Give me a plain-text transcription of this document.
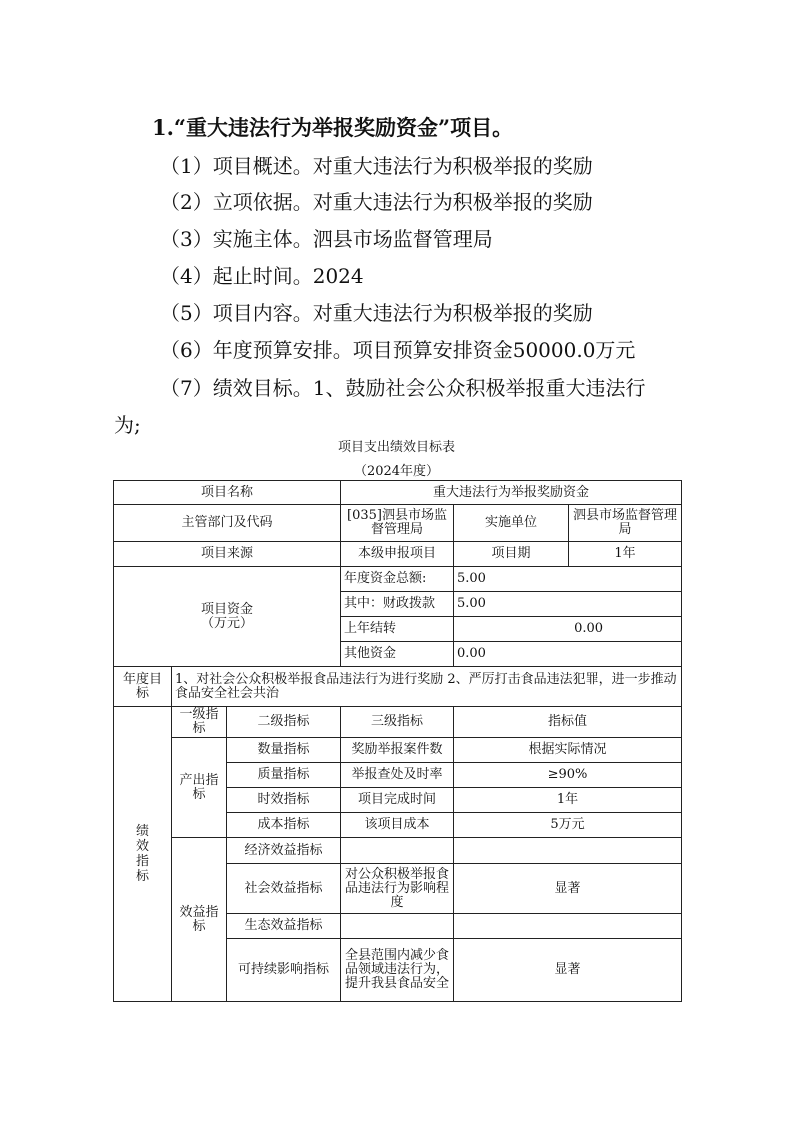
1.“重大违法行为举报奖励资金”项目。
（1）项目概述。对重大违法行为积极举报的奖励
（2）立项依据。对重大违法行为积极举报的奖励
（3）实施主体。泗县市场监督管理局
（4）起止时间。2024
（5）项目内容。对重大违法行为积极举报的奖励
（6）年度预算安排。项目预算安排资金50000.0万元
（7）绩效目标。1、鼓励社会公众积极举报重大违法行
为;
项目支出绩效目标表
（2024年度）
项目名称			重大违法行为举报奖励资金		
主管部门及代码			[035]泗县市场监督管理局	实施单位	泗县市场监督管理局
项目来源			本级申报项目	项目期	1年

项目资金
（万元）			年度资金总额:	5.00	
			其中：财政拨款	5.00	
			上年结转	0.00	
			其他资金	0.00	
年度目标	1、对社会公众积极举报食品违法行为进行奖励 2、严厉打击食品违法犯罪，进一步推动食品安全社会共治				
绩效指标	一级指标	二级指标	三级指标	指标值	
	产出指标	数量指标	奖励举报案件数	根据实际情况	
		质量指标	举报查处及时率	≥90%	
		时效指标	项目完成时间	1年	
		成本指标	该项目成本	5万元	
	效益指标	经济效益指标			
		社会效益指标	对公众积极举报食品违法行为影响程度	显著	
		生态效益指标			
		可持续影响指标	全县范围内减少食品领域违法行为，提升我县食品安全	显著	
